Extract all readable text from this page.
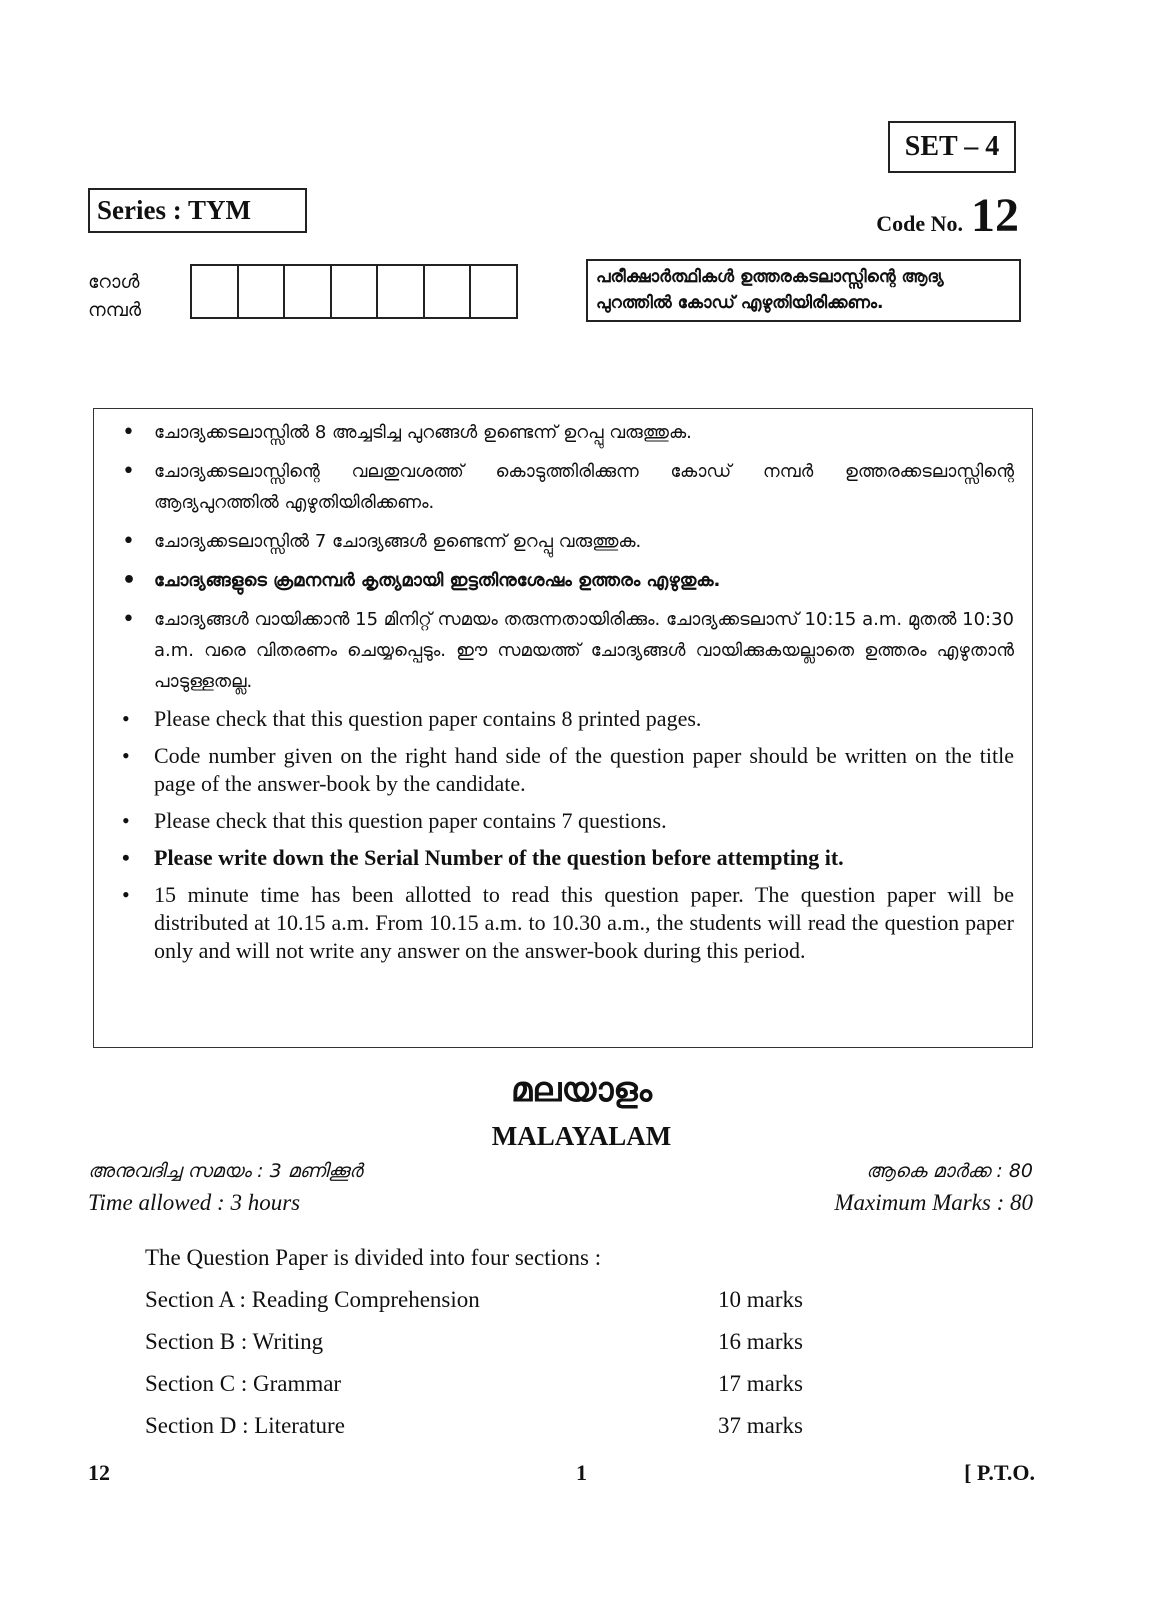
SET – 4
Code No. 12
Series : TYM
റോൾ
നമ്പർ
പരീക്ഷാർത്ഥികൾ ഉത്തരകടലാസ്സിന്റെ ആദ്യ
പുറത്തിൽ കോഡ് എഴുതിയിരിക്കണം.
• ചോദ്യക്കടലാസ്സിൽ 8 അച്ചടിച്ച പുറങ്ങൾ ഉണ്ടെന്ന് ഉറപ്പു വരുത്തുക.
• ചോദ്യക്കടലാസ്സിന്റെ വലതുവശത്ത് കൊടുത്തിരിക്കുന്ന കോഡ് നമ്പർ ഉത്തരക്കടലാസ്സിന്റെ ആദ്യപുറത്തിൽ എഴുതിയിരിക്കണം.
• ചോദ്യക്കടലാസ്സിൽ 7 ചോദ്യങ്ങൾ ഉണ്ടെന്ന് ഉറപ്പു വരുത്തുക.
• ചോദ്യങ്ങളുടെ ക്രമനമ്പർ കൃത്യമായി ഇട്ടതിനുശേഷം ഉത്തരം എഴുതുക.
• ചോദ്യങ്ങൾ വായിക്കാൻ 15 മിനിറ്റ് സമയം തരുന്നതായിരിക്കും. ചോദ്യക്കടലാസ് 10:15 a.m. മുതൽ 10:30 a.m. വരെ വിതരണം ചെയ്യപ്പെടും. ഈ സമയത്ത് ചോദ്യങ്ങൾ വായിക്കുകയല്ലാതെ ഉത്തരം എഴുതാൻ പാടുള്ളതല്ല.
• Please check that this question paper contains 8 printed pages.
• Code number given on the right hand side of the question paper should be written on the title page of the answer-book by the candidate.
• Please check that this question paper contains 7 questions.
• Please write down the Serial Number of the question before attempting it.
• 15 minute time has been allotted to read this question paper. The question paper will be distributed at 10.15 a.m. From 10.15 a.m. to 10.30 a.m., the students will read the question paper only and will not write any answer on the answer-book during this period.
മലയാളം
MALAYALAM
അനുവദിച്ച സമയം : 3 മണിക്കൂർ
Time allowed : 3 hours
ആകെ മാർക്ക : 80
Maximum Marks : 80
The Question Paper is divided into four sections :
Section A : Reading Comprehension	10 marks
Section B : Writing	16 marks
Section C : Grammar	17 marks
Section D : Literature	37 marks
12	1	[ P.T.O.
